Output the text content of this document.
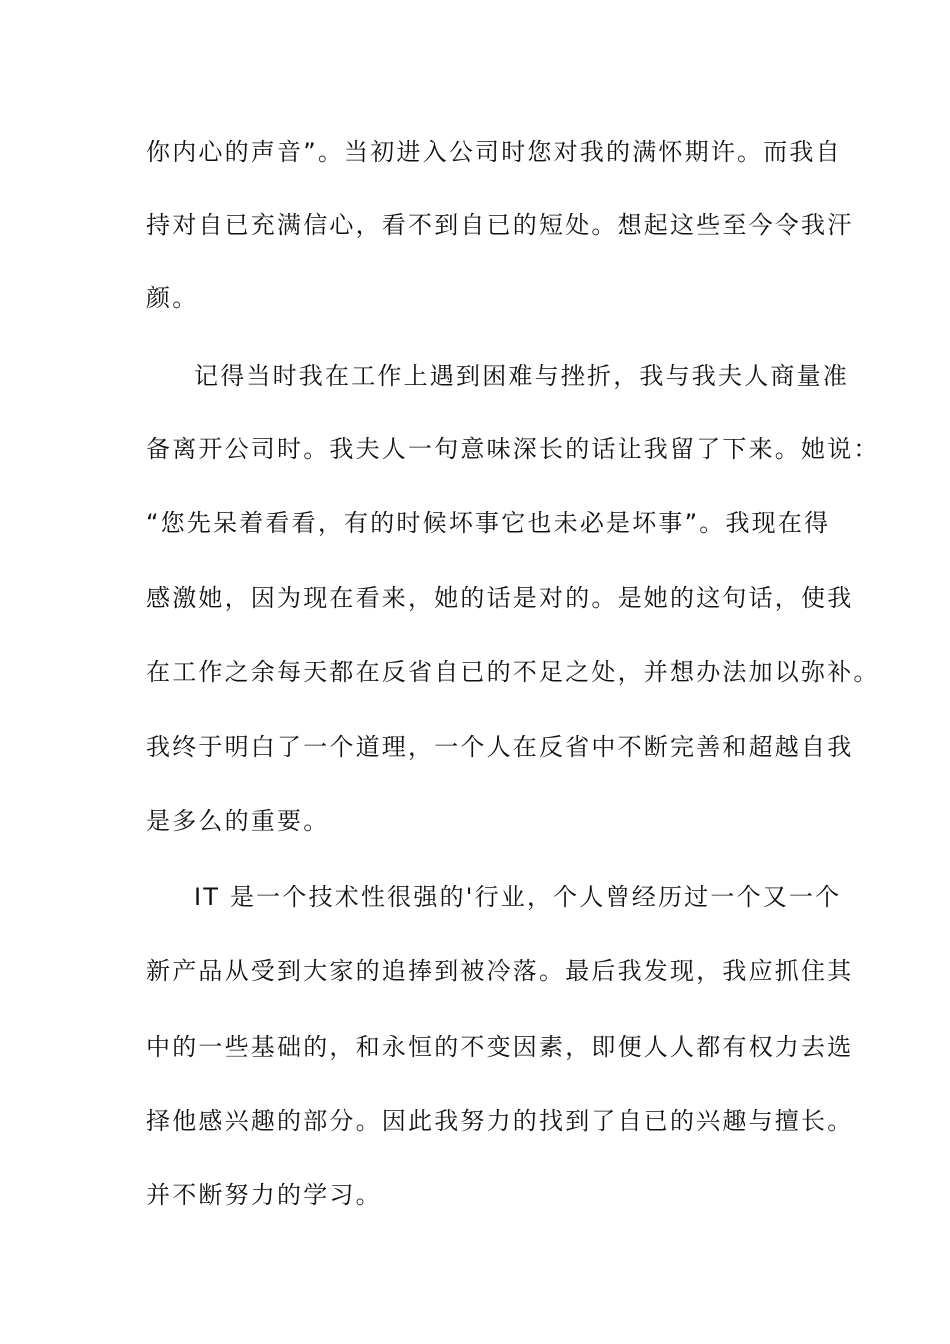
你内心的声音”。当初进入公司时您对我的满怀期许。而我自
持对自已充满信心，看不到自已的短处。想起这些至今令我汗
颜。
记得当时我在工作上遇到困难与挫折，我与我夫人商量准
备离开公司时。我夫人一句意味深长的话让我留了下来。她说：
“您先呆着看看，有的时候坏事它也未必是坏事”。我现在得
感激她，因为现在看来，她的话是对的。是她的这句话，使我
在工作之余每天都在反省自已的不足之处，并想办法加以弥补。
我终于明白了一个道理，一个人在反省中不断完善和超越自我
是多么的重要。
IT 是一个技术性很强的'行业，个人曾经历过一个又一个
新产品从受到大家的追捧到被冷落。最后我发现，我应抓住其
中的一些基础的，和永恒的不变因素，即便人人都有权力去选
择他感兴趣的部分。因此我努力的找到了自已的兴趣与擅长。
并不断努力的学习。
